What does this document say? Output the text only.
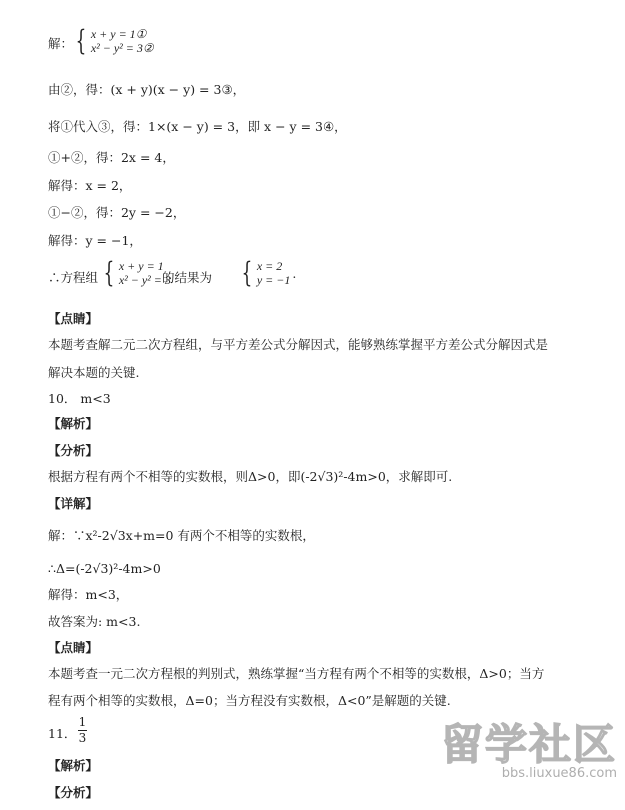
解： { x + y = 1①
x² − y² = 3②
由②，得：(x + y)(x − y) = 3③，
将①代入③，得：1×(x − y) = 3，即 x − y = 3④，
①+②，得：2x = 4，
解得：x = 2，
①−②，得：2y = −2，
解得：y = −1，
∴方程组 { x + y = 1
x² − y² = 3
的结果为 { x = 2
y = −1 .
【点睛】
本题考查解二元二次方程组，与平方差公式分解因式，能够熟练掌握平方差公式分解因式是
解决本题的关键.
10． m<3
【解析】
【分析】
根据方程有两个不相等的实数根，则Δ>0，即(-2√3)²-4m>0，求解即可.
【详解】
解：∵x²-2√3x+m=0 有两个不相等的实数根，
∴Δ=(-2√3)²-4m>0
解得：m<3，
故答案为: m<3.
【点睛】
本题考查一元二次方程根的判别式，熟练掌握“当方程有两个不相等的实数根，Δ>0；当方
程有两个相等的实数根，Δ=0；当方程没有实数根，Δ<0”是解题的关键.
11．
1
3
【解析】
【分析】
留学社区
bbs.liuxue86.com
